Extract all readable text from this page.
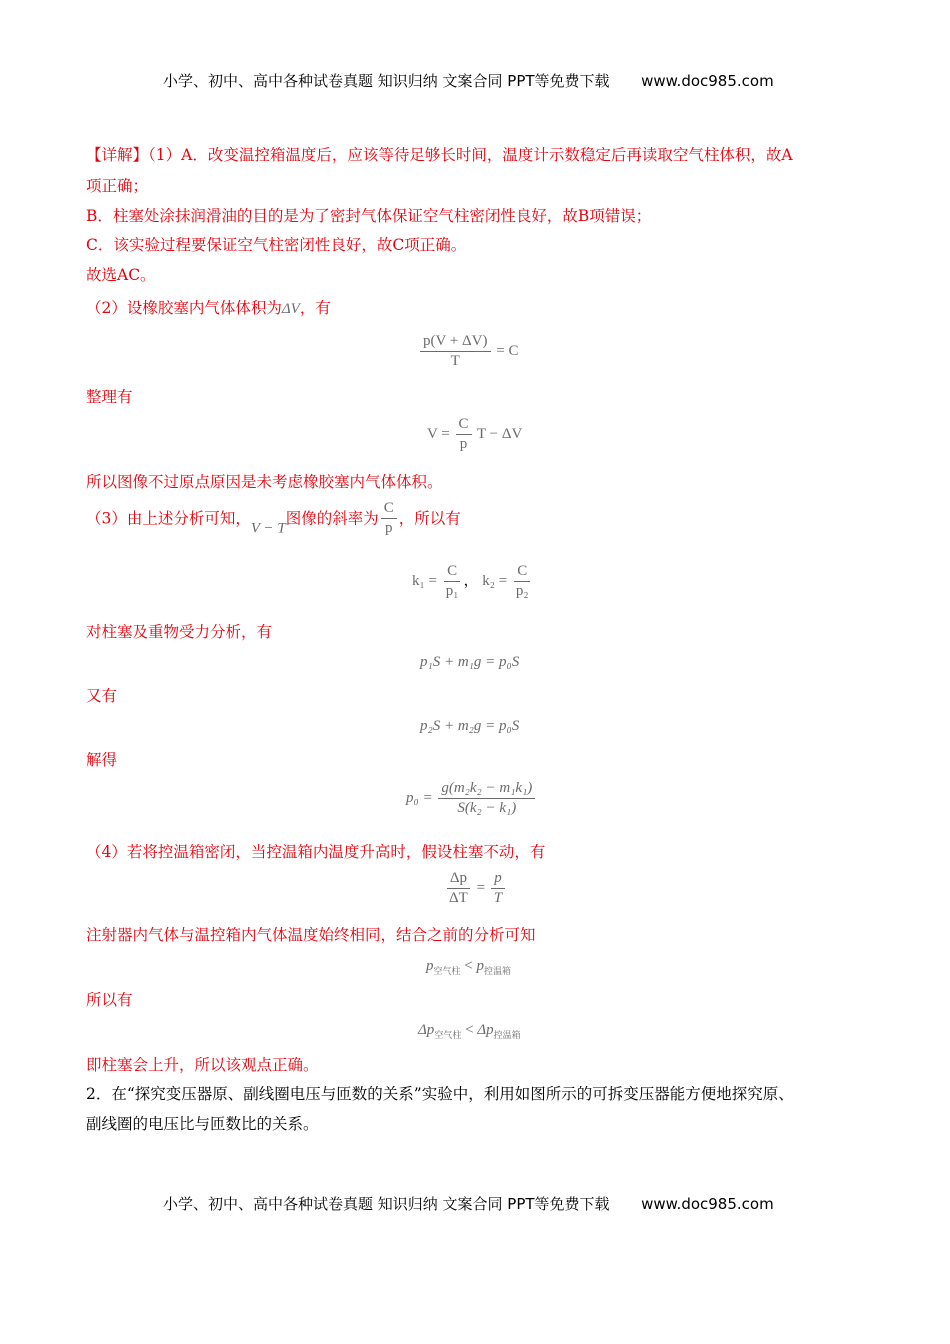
小学、初中、高中各种试卷真题 知识归纳 文案合同 PPT等免费下载 www.doc985.com
【详解】（1）A．改变温控箱温度后，应该等待足够长时间，温度计示数稳定后再读取空气柱体积，故A
项正确；
B．柱塞处涂抹润滑油的目的是为了密封气体保证空气柱密闭性良好，故B项错误；
C．该实验过程要保证空气柱密闭性良好，故C项正确。
故选AC。
（2）设橡胶塞内气体体积为ΔV，有
$\frac{p(V + \Delta V)}{T} = C$
整理有
$V = \frac{C}{p}$ T − ΔV
所以图像不过原点原因是未考虑橡胶塞内气体体积。
（3）由上述分析可知，V − T图像的斜率为 $\frac{C}{p}$ ，所以有
$k_1 = \frac{C}{\text{p₁}}$ ， $k_2 = \frac{C}{\text{p₂}}$
对柱塞及重物受力分析，有
p₁S + m₁g = p₀S
又有
p₂S + m₂g = p₀S
解得
$p_0 = \frac{\text{g(m₂k₂ − m₁k₁)}}{\text{S(k₂ − k₁)}}$
（4）若将控温箱密闭，当控温箱内温度升高时，假设柱塞不动，有
$\frac{\Delta p}{\Delta T} = \frac{p}{T}$
注射器内气体与温控箱内气体温度始终相同，结合之前的分析可知
$p_{空气柱} < p_{控温箱}$
所以有
$\Delta p_{空气柱} < \Delta p_{控温箱}$
即柱塞会上升，所以该观点正确。
2．在“探究变压器原、副线圈电压与匝数的关系”实验中，利用如图所示的可拆变压器能方便地探究原、
副线圈的电压比与匝数比的关系。
小学、初中、高中各种试卷真题 知识归纳 文案合同 PPT等免费下载 www.doc985.com
